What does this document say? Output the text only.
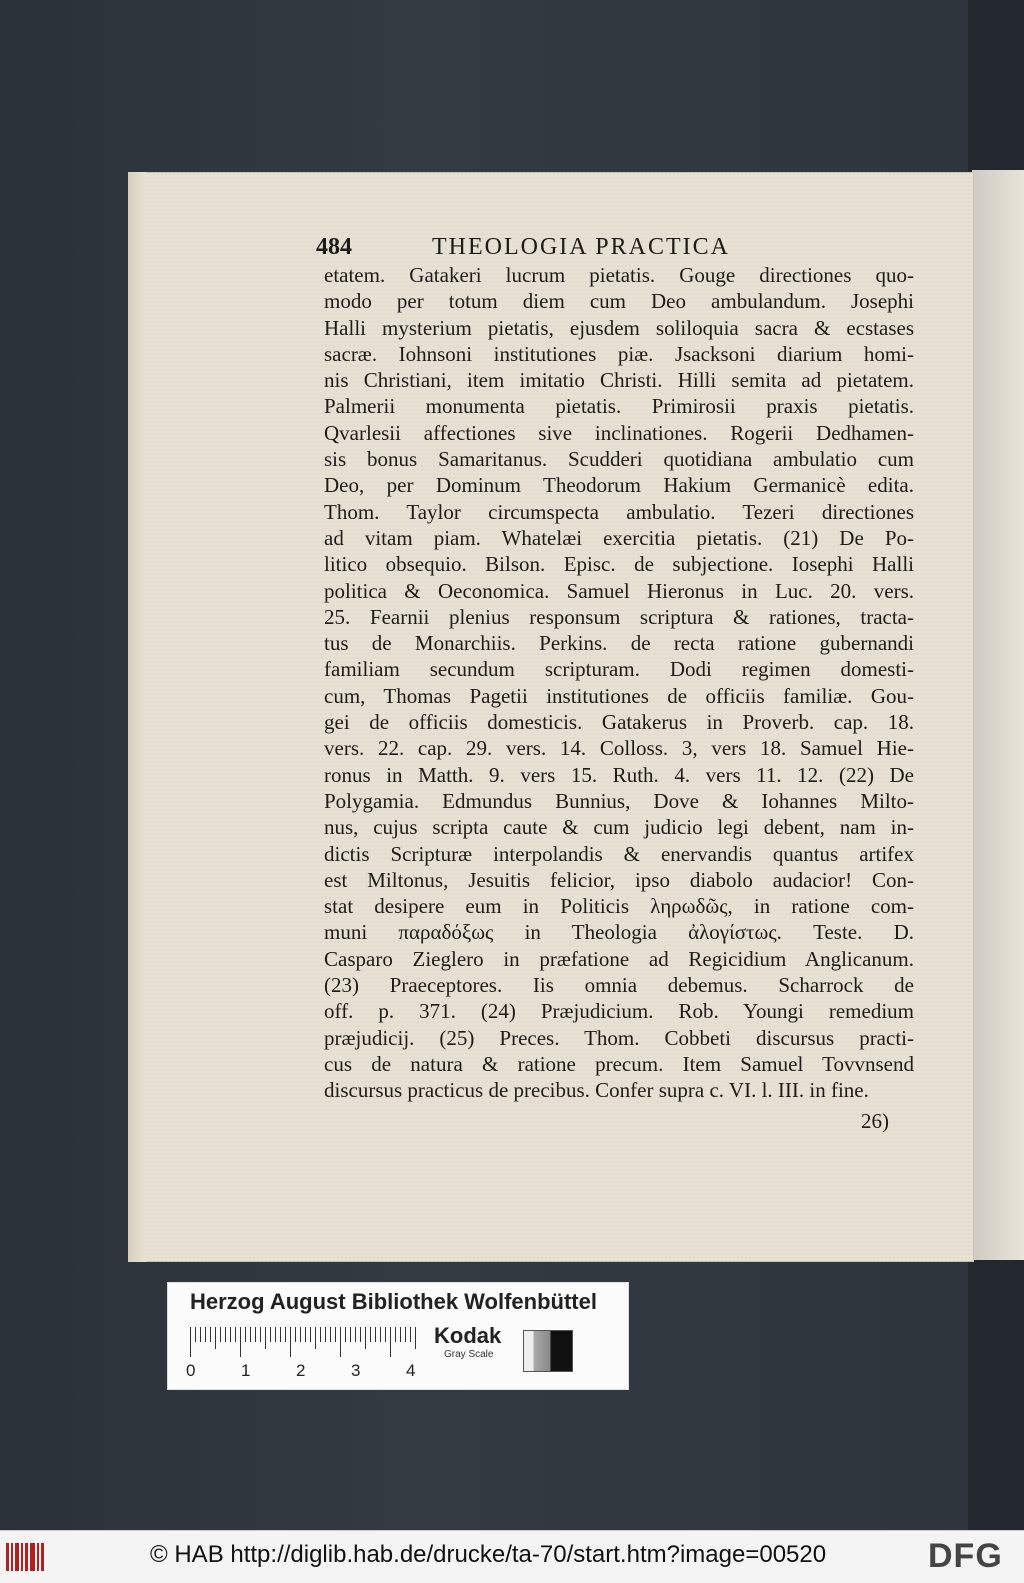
484	THEOLOGIA PRACTICA
etatem. Gatakeri lucrum pietatis. Gouge directiones quo-
modo per totum diem cum Deo ambulandum. Josephi
Halli mysterium pietatis, ejusdem soliloquia sacra & ecstases
sacræ. Iohnsoni institutiones piæ. Jsacksoni diarium homi-
nis Christiani, item imitatio Christi. Hilli semita ad pietatem.
Palmerii monumenta pietatis. Primirosii praxis pietatis.
Qvarlesii affectiones sive inclinationes. Rogerii Dedhamen-
sis bonus Samaritanus. Scudderi quotidiana ambulatio cum
Deo, per Dominum Theodorum Hakium Germanicè edita.
Thom. Taylor circumspecta ambulatio. Tezeri directiones
ad vitam piam. Whatelæi exercitia pietatis. (21) De Po-
litico obsequio. Bilson. Episc. de subjectione. Iosephi Halli
politica & Oeconomica. Samuel Hieronus in Luc. 20. vers.
25. Fearnii plenius responsum scriptura & rationes, tracta-
tus de Monarchiis. Perkins. de recta ratione gubernandi
familiam secundum scripturam. Dodi regimen domesti-
cum, Thomas Pagetii institutiones de officiis familiæ. Gou-
gei de officiis domesticis. Gatakerus in Proverb. cap. 18.
vers. 22. cap. 29. vers. 14. Colloss. 3, vers 18. Samuel Hie-
ronus in Matth. 9. vers 15. Ruth. 4. vers 11. 12. (22) De
Polygamia. Edmundus Bunnius, Dove & Iohannes Milto-
nus, cujus scripta caute & cum judicio legi debent, nam in-
dictis Scripturæ interpolandis & enervandis quantus artifex
est Miltonus, Jesuitis felicior, ipso diabolo audacior! Con-
stat desipere eum in Politicis ληρωδῶς, in ratione com-
muni παραδόξως in Theologia ἀλογίστως. Teste. D.
Casparo Zieglero in præfatione ad Regicidium Anglicanum.
(23) Praeceptores. Iis omnia debemus. Scharrock de
off. p. 371. (24) Præjudicium. Rob. Youngi remedium
præjudicij. (25) Preces. Thom. Cobbeti discursus practi-
cus de natura & ratione precum. Item Samuel Tovvnsend
discursus practicus de precibus. Confer supra c. VI. l. III. in fine.
26)
Herzog August Bibliothek Wolfenbüttel
0	1	2	3	4
Kodak
Gray Scale
© HAB http://diglib.hab.de/drucke/ta-70/start.htm?image=00520	DFG
